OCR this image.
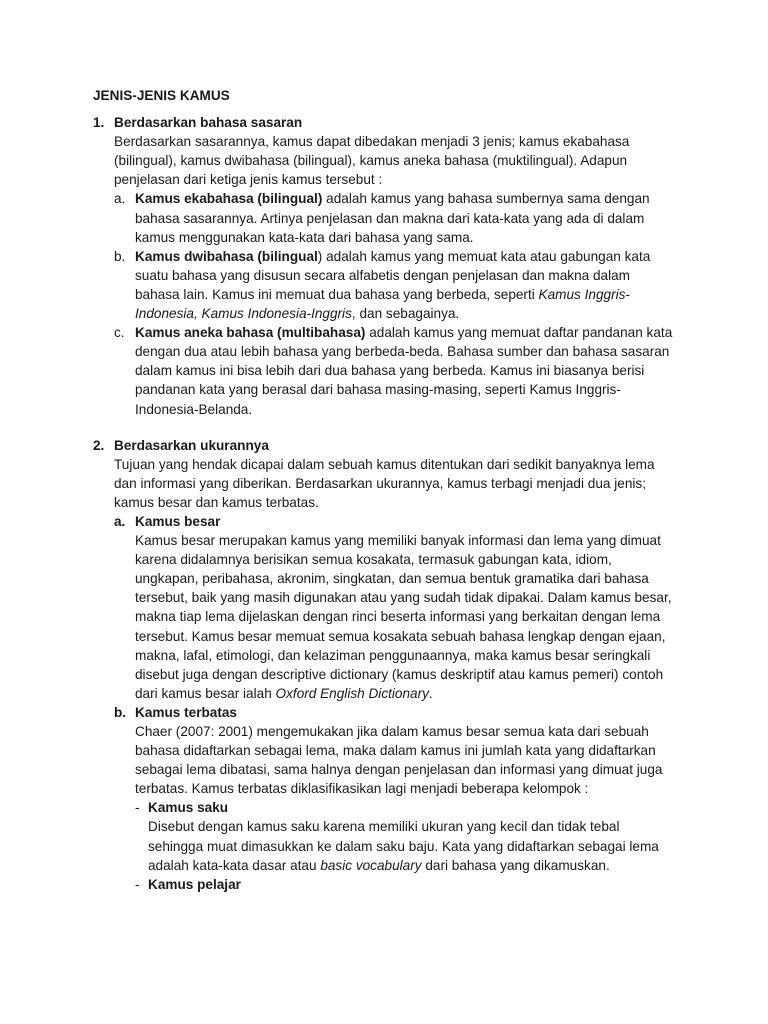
JENIS-JENIS KAMUS

1. Berdasarkan bahasa sasaran

Berdasarkan sasarannya, kamus dapat dibedakan menjadi 3 jenis; kamus ekabahasa (bilingual), kamus dwibahasa (bilingual), kamus aneka bahasa (muktilingual). Adapun penjelasan dari ketiga jenis kamus tersebut :

a. Kamus ekabahasa (bilingual) adalah kamus yang bahasa sumbernya sama dengan bahasa sasarannya. Artinya penjelasan dan makna dari kata-kata yang ada di dalam kamus menggunakan kata-kata dari bahasa yang sama.
b. Kamus dwibahasa (bilingual) adalah kamus yang memuat kata atau gabungan kata suatu bahasa yang disusun secara alfabetis dengan penjelasan dan makna dalam bahasa lain. Kamus ini memuat dua bahasa yang berbeda, seperti Kamus Inggris-Indonesia, Kamus Indonesia-Inggris, dan sebagainya.
c. Kamus aneka bahasa (multibahasa) adalah kamus yang memuat daftar pandanan kata dengan dua atau lebih bahasa yang berbeda-beda. Bahasa sumber dan bahasa sasaran dalam kamus ini bisa lebih dari dua bahasa yang berbeda. Kamus ini biasanya berisi pandanan kata yang berasal dari bahasa masing-masing, seperti Kamus Inggris-Indonesia-Belanda.
2. Berdasarkan ukurannya

Tujuan yang hendak dicapai dalam sebuah kamus ditentukan dari sedikit banyaknya lema dan informasi yang diberikan. Berdasarkan ukurannya, kamus terbagi menjadi dua jenis; kamus besar dan kamus terbatas.

a. Kamus besar

Kamus besar merupakan kamus yang memiliki banyak informasi dan lema yang dimuat karena didalamnya berisikan semua kosakata, termasuk gabungan kata, idiom, ungkapan, peribahasa, akronim, singkatan, dan semua bentuk gramatika dari bahasa tersebut, baik yang masih digunakan atau yang sudah tidak dipakai. Dalam kamus besar, makna tiap lema dijelaskan dengan rinci beserta informasi yang berkaitan dengan lema tersebut. Kamus besar memuat semua kosakata sebuah bahasa lengkap dengan ejaan, makna, lafal, etimologi, dan kelaziman penggunaannya, maka kamus besar seringkali disebut juga dengan descriptive dictionary (kamus deskriptif atau kamus pemeri) contoh dari kamus besar ialah Oxford English Dictionary.

b. Kamus terbatas

Chaer (2007: 2001) mengemukakan jika dalam kamus besar semua kata dari sebuah bahasa didaftarkan sebagai lema, maka dalam kamus ini jumlah kata yang didaftarkan sebagai lema dibatasi, sama halnya dengan penjelasan dan informasi yang dimuat juga terbatas. Kamus terbatas diklasifikasikan lagi menjadi beberapa kelompok :

- Kamus saku

Disebut dengan kamus saku karena memiliki ukuran yang kecil dan tidak tebal sehingga muat dimasukkan ke dalam saku baju. Kata yang didaftarkan sebagai lema adalah kata-kata dasar atau basic vocabulary dari bahasa yang dikamuskan.

- Kamus pelajar
